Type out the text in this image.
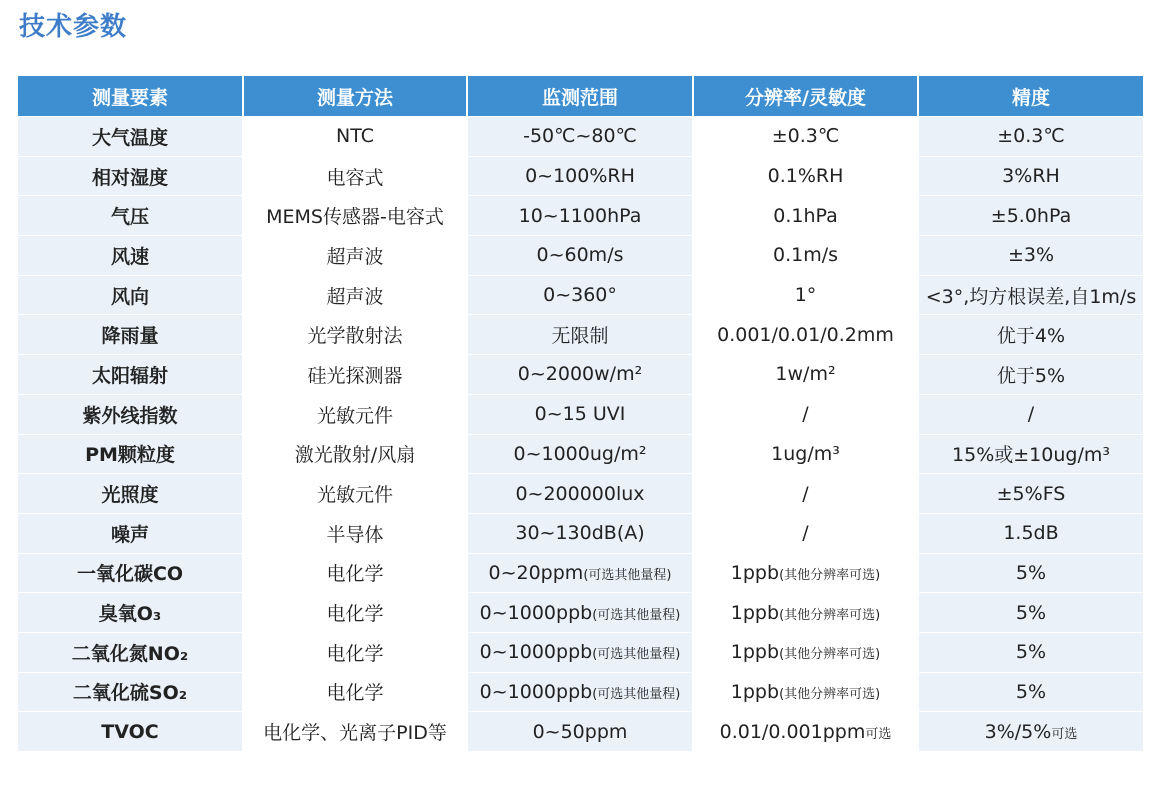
技术参数
测量要素	测量方法	监测范围	分辨率/灵敏度	精度
大气温度	NTC	-50℃~80℃	±0.3℃	±0.3℃
相对湿度	电容式	0~100%RH	0.1%RH	3%RH
气压	MEMS传感器-电容式	10~1100hPa	0.1hPa	±5.0hPa
风速	超声波	0~60m/s	0.1m/s	±3%
风向	超声波	0~360°	1°	<3°,均方根误差,自1m/s
降雨量	光学散射法	无限制	0.001/0.01/0.2mm	优于4%
太阳辐射	硅光探测器	0~2000w/m²	1w/m²	优于5%
紫外线指数	光敏元件	0~15 UVI	/	/
PM颗粒度	激光散射/风扇	0~1000ug/m²	1ug/m³	15%或±10ug/m³
光照度	光敏元件	0~200000lux	/	±5%FS
噪声	半导体	30~130dB(A)	/	1.5dB
一氧化碳CO	电化学	0~20ppm(可选其他量程)	1ppb(其他分辨率可选)	5%
臭氧O₃	电化学	0~1000ppb(可选其他量程)	1ppb(其他分辨率可选)	5%
二氧化氮NO₂	电化学	0~1000ppb(可选其他量程)	1ppb(其他分辨率可选)	5%
二氧化硫SO₂	电化学	0~1000ppb(可选其他量程)	1ppb(其他分辨率可选)	5%
TVOC	电化学、光离子PID等	0~50ppm	0.01/0.001ppm可选	3%/5%可选
